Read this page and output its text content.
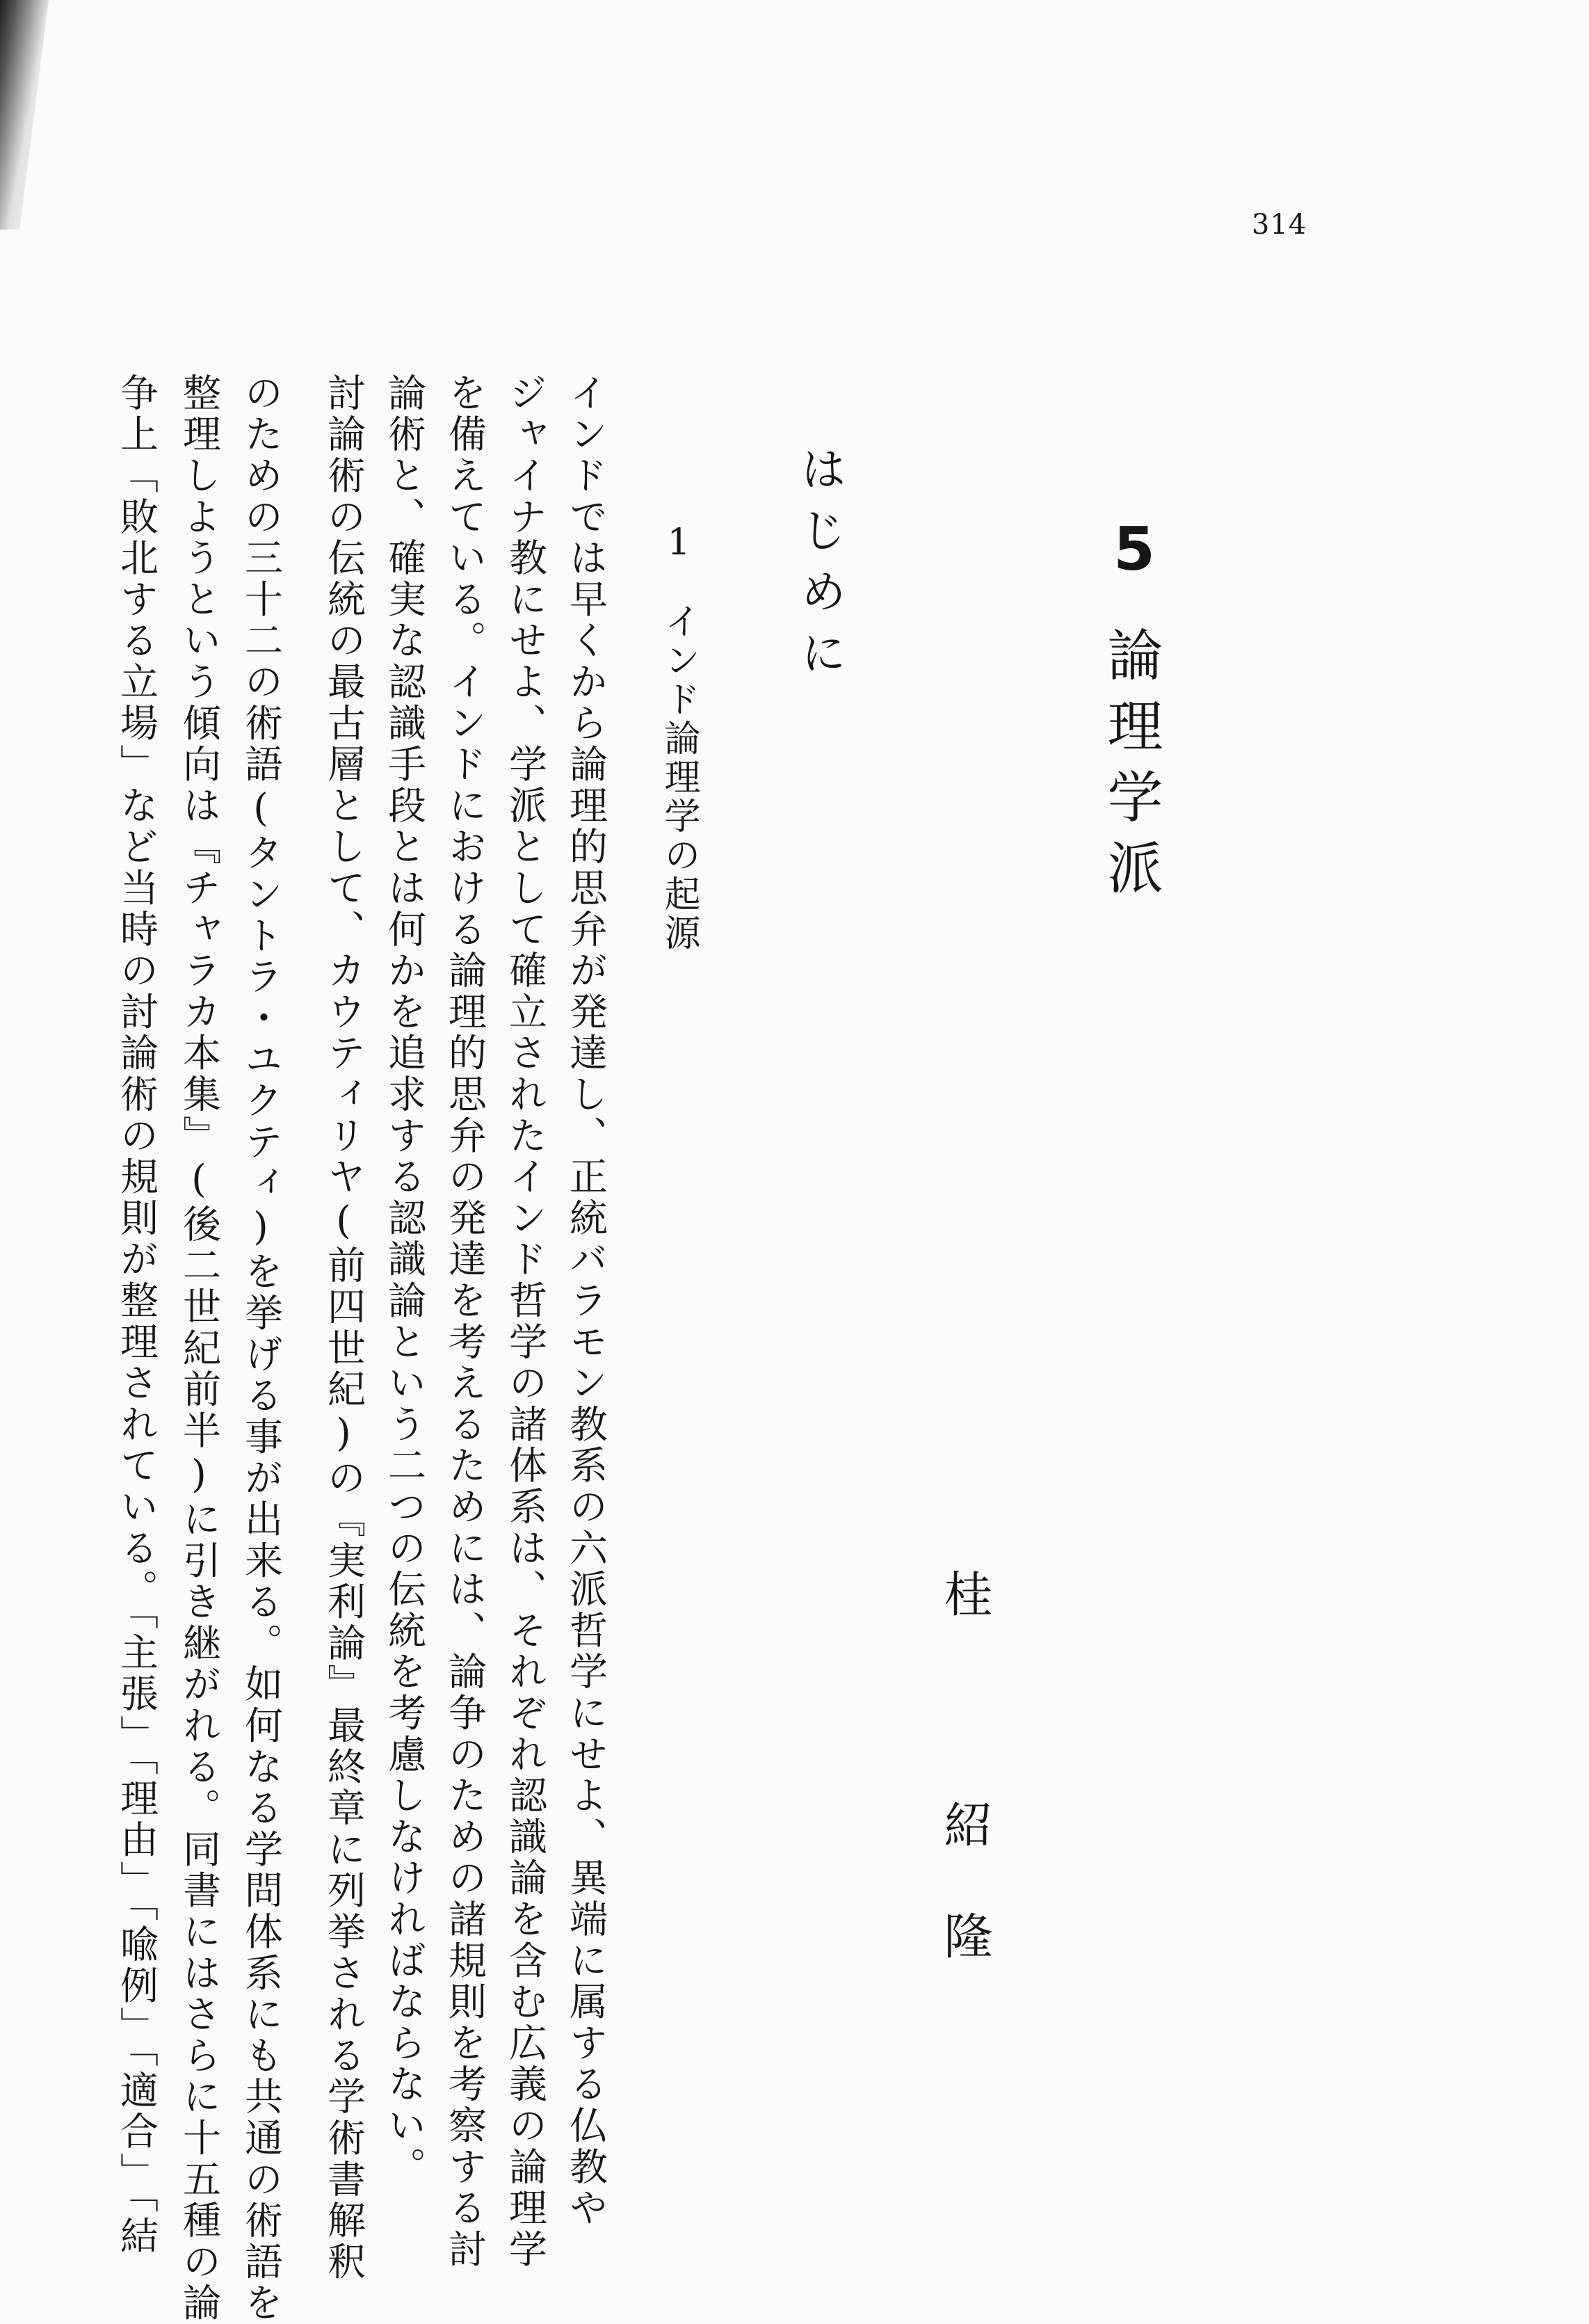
314
5
論理学派
桂 紹隆
はじめに
1インド論理学の起源
インドでは早くから論理的思弁が発達し、正統バラモン教系の六派哲学にせよ、異端に属する仏教や
ジャイナ教にせよ、学派として確立されたインド哲学の諸体系は、それぞれ認識論を含む広義の論理学
を備えている。インドにおける論理的思弁の発達を考えるためには、論争のための諸規則を考察する討
論術と、確実な認識手段とは何かを追求する認識論という二つの伝統を考慮しなければならない。
討論術の伝統の最古層として、カウティリヤ(前四世紀)の『実利論』最終章に列挙される学術書解釈
のための三十二の術語(タントラ・ユクティ)を挙げる事が出来る。如何なる学問体系にも共通の術語を
整理しようという傾向は『チャラカ本集』(後二世紀前半)に引き継がれる。同書にはさらに十五種の論
争上「敗北する立場」など当時の討論術の規則が整理されている。「主張」「理由」「喩例」「適合」「結
